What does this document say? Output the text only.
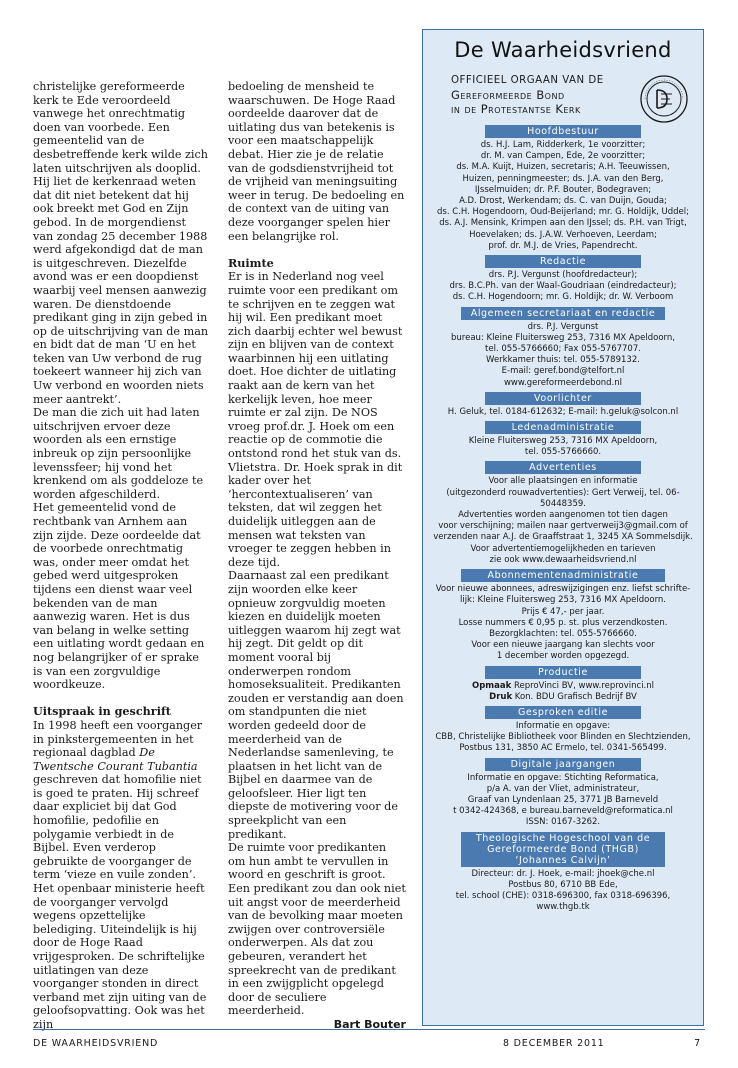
christelijke gereformeerde kerk te Ede veroordeeld vanwege het onrechtmatig doen van voorbede. Een gemeentelid van de desbetreffende kerk wilde zich laten uitschrijven als dooplid. Hij liet de kerkenraad weten dat dit niet betekent dat hij ook breekt met God en Zijn gebod. In de morgendienst van zondag 25 december 1988 werd afgekondigd dat de man is uitgeschreven. Diezelfde avond was er een doopdienst waarbij veel mensen aanwezig waren. De dienstdoende predikant ging in zijn gebed in op de uitschrijving van de man en bidt dat de man ‘U en het teken van Uw verbond de rug toekeert wanneer hij zich van Uw verbond en woorden niets meer aantrekt’.

De man die zich uit had laten uitschrijven ervoer deze woorden als een ernstige inbreuk op zijn persoonlijke levenssfeer; hij vond het krenkend om als goddeloze te worden afgeschilderd.

Het gemeentelid vond de rechtbank van Arnhem aan zijn zijde. Deze oordeelde dat de voorbede onrechtmatig was, onder meer omdat het gebed werd uitgesproken tijdens een dienst waar veel bekenden van de man aanwezig waren. Het is dus van belang in welke setting een uitlating wordt gedaan en nog belangrijker of er sprake is van een zorgvuldige woordkeuze.

Uitspraak in geschrift

In 1998 heeft een voorganger in pinkstergemeenten in het regionaal dagblad De Twentsche Courant Tubantia geschreven dat homofilie niet is goed te praten. Hij schreef daar expliciet bij dat God homofilie, pedofilie en polygamie verbiedt in de Bijbel. Even verderop gebruikte de voorganger de term ‘vieze en vuile zonden’. Het openbaar ministerie heeft de voorganger vervolgd wegens opzettelijke belediging. Uiteindelijk is hij door de Hoge Raad vrijgesproken. De schriftelijke uitlatingen van deze voorganger stonden in direct verband met zijn uiting van de geloofsopvatting. Ook was het zijn

bedoeling de mensheid te waarschuwen. De Hoge Raad oordeelde daarover dat de uitlating dus van betekenis is voor een maatschappelijk debat. Hier zie je de relatie van de godsdienstvrijheid tot de vrijheid van meningsuiting weer in terug. De bedoeling en de context van de uiting van deze voorganger spelen hier een belangrijke rol.

Ruimte

Er is in Nederland nog veel ruimte voor een predikant om te schrijven en te zeggen wat hij wil. Een predikant moet zich daarbij echter wel bewust zijn en blijven van de context waarbinnen hij een uitlating doet. Hoe dichter de uitlating raakt aan de kern van het kerkelijk leven, hoe meer ruimte er zal zijn. De NOS vroeg prof.dr. J. Hoek om een reactie op de commotie die ontstond rond het stuk van ds. Vlietstra. Dr. Hoek sprak in dit kader over het ‘hercontextualiseren’ van teksten, dat wil zeggen het duidelijk uitleggen aan de mensen wat teksten van vroeger te zeggen hebben in deze tijd.

Daarnaast zal een predikant zijn woorden elke keer opnieuw zorgvuldig moeten kiezen en duidelijk moeten uitleggen waarom hij zegt wat hij zegt. Dit geldt op dit moment vooral bij onderwerpen rondom homoseksualiteit. Predikanten zouden er verstandig aan doen om standpunten die niet worden gedeeld door de meerderheid van de Nederlandse samenleving, te plaatsen in het licht van de Bijbel en daarmee van de geloofsleer. Hier ligt ten diepste de motivering voor de spreekplicht van een predikant.

De ruimte voor predikanten om hun ambt te vervullen in woord en geschrift is groot. Een predikant zou dan ook niet uit angst voor de meerderheid van de bevolking maar moeten zwijgen over controversiële onderwerpen. Als dat zou gebeuren, verandert het spreekrecht van de predikant in een zwijgplicht opgelegd door de seculiere meerderheid.

Bart Bouter

De Waarheidsvriend
OFFICIEEL ORGAAN VAN DE
Gereformeerde Bond
in de Protestantse Kerk
Hoofdbestuur
ds. H.J. Lam, Ridderkerk, 1e voorzitter;
dr. M. van Campen, Ede, 2e voorzitter;
ds. M.A. Kuijt, Huizen, secretaris; A.H. Teeuwissen,
Huizen, penningmeester; ds. J.A. van den Berg,
IJsselmuiden; dr. P.F. Bouter, Bodegraven;
A.D. Drost, Werkendam; ds. C. van Duijn, Gouda;
ds. C.H. Hogendoorn, Oud-Beijerland; mr. G. Holdijk, Uddel;
ds. A.J. Mensink, Krimpen aan den IJssel; ds. P.H. van Trigt,
Hoevelaken; ds. J.A.W. Verhoeven, Leerdam;
prof. dr. M.J. de Vries, Papendrecht.
Redactie
drs. P.J. Vergunst (hoofdredacteur);
drs. B.C.Ph. van der Waal-Goudriaan (eindredacteur);
ds. C.H. Hogendoorn; mr. G. Holdijk; dr. W. Verboom
Algemeen secretariaat en redactie
drs. P.J. Vergunst
bureau: Kleine Fluitersweg 253, 7316 MX Apeldoorn,
tel. 055-5766660; Fax 055-5767707.
Werkkamer thuis: tel. 055-5789132.
E-mail: geref.bond@telfort.nl
www.gereformeerdebond.nl
Voorlichter
H. Geluk, tel. 0184-612632; E-mail: h.geluk@solcon.nl
Ledenadministratie
Kleine Fluitersweg 253, 7316 MX Apeldoorn,
tel. 055-5766660.
Advertenties
Voor alle plaatsingen en informatie
(uitgezonderd rouwadvertenties): Gert Verweij, tel. 06-50448359.
Advertenties worden aangenomen tot tien dagen
voor verschijning; mailen naar gertverweij3@gmail.com of
verzenden naar A.J. de Graaffstraat 1, 3245 XA Sommelsdijk.
Voor advertentiemogelijkheden en tarieven
zie ook www.dewaarheidsvriend.nl
Abonnementenadministratie
Voor nieuwe abonnees, adreswijzigingen enz. liefst schrifte-
lijk: Kleine Fluitersweg 253, 7316 MX Apeldoorn.
Prijs € 47,- per jaar.
Losse nummers € 0,95 p. st. plus verzendkosten.
Bezorgklachten: tel. 055-5766660.
Voor een nieuwe jaargang kan slechts voor
1 december worden opgezegd.
Productie
Opmaak ReproVinci BV, www.reprovinci.nl
Druk Kon. BDU Grafisch Bedrijf BV
Gesproken editie
Informatie en opgave:
CBB, Christelijke Bibliotheek voor Blinden en Slechtzienden,
Postbus 131, 3850 AC Ermelo, tel. 0341-565499.
Digitale jaargangen
Informatie en opgave: Stichting Reformatica,
p/a A. van der Vliet, administrateur,
Graaf van Lyndenlaan 25, 3771 JB Barneveld
t 0342-424368, e bureau.barneveld@reformatica.nl
ISSN: 0167-3262.
Theologische Hogeschool van de
Gereformeerde Bond (THGB)
‘Johannes Calvijn’
Directeur: dr. J. Hoek, e-mail: jhoek@che.nl
Postbus 80, 6710 BB Ede,
tel. school (CHE): 0318-696300, fax 0318-696396,
www.thgb.tk
DE WAARHEIDSVRIEND	8 DECEMBER 2011	7
